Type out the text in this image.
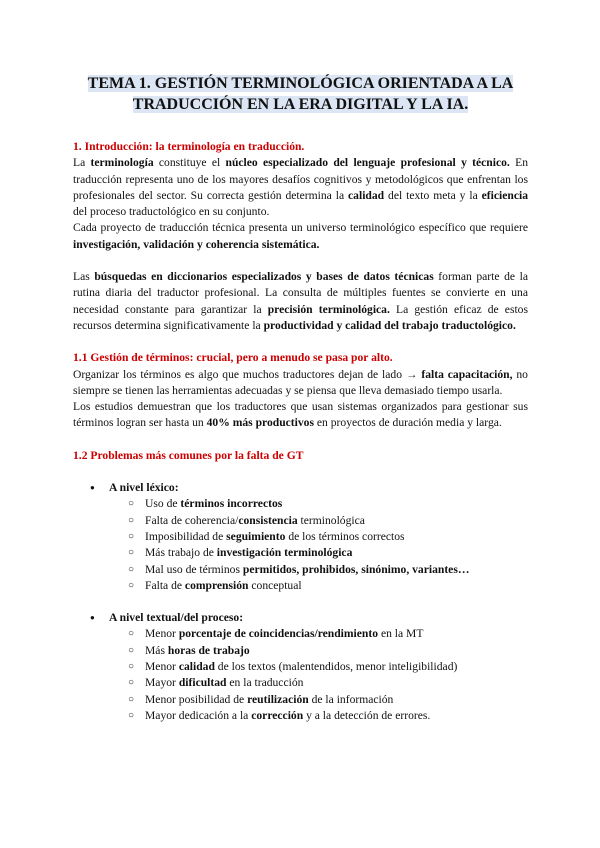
TEMA 1. GESTIÓN TERMINOLÓGICA ORIENTADA A LA
TRADUCCIÓN EN LA ERA DIGITAL Y LA IA.
1. Introducción: la terminología en traducción.
La terminología constituye el núcleo especializado del lenguaje profesional y técnico. En traducción representa uno de los mayores desafíos cognitivos y metodológicos que enfrentan los profesionales del sector. Su correcta gestión determina la calidad del texto meta y la eficiencia del proceso traductológico en su conjunto.
Cada proyecto de traducción técnica presenta un universo terminológico específico que requiere investigación, validación y coherencia sistemática.
Las búsquedas en diccionarios especializados y bases de datos técnicas forman parte de la rutina diaria del traductor profesional. La consulta de múltiples fuentes se convierte en una necesidad constante para garantizar la precisión terminológica. La gestión eficaz de estos recursos determina significativamente la productividad y calidad del trabajo traductológico.
1.1 Gestión de términos: crucial, pero a menudo se pasa por alto.
Organizar los términos es algo que muchos traductores dejan de lado → falta capacitación, no siempre se tienen las herramientas adecuadas y se piensa que lleva demasiado tiempo usarla.
Los estudios demuestran que los traductores que usan sistemas organizados para gestionar sus términos logran ser hasta un 40% más productivos en proyectos de duración media y larga.
1.2 Problemas más comunes por la falta de GT
● A nivel léxico:
○ Uso de términos incorrectos
○ Falta de coherencia/consistencia terminológica
○ Imposibilidad de seguimiento de los términos correctos
○ Más trabajo de investigación terminológica
○ Mal uso de términos permitidos, prohibidos, sinónimo, variantes…
○ Falta de comprensión conceptual
● A nivel textual/del proceso:
○ Menor porcentaje de coincidencias/rendimiento en la MT
○ Más horas de trabajo
○ Menor calidad de los textos (malentendidos, menor inteligibilidad)
○ Mayor dificultad en la traducción
○ Menor posibilidad de reutilización de la información
○ Mayor dedicación a la corrección y a la detección de errores.
